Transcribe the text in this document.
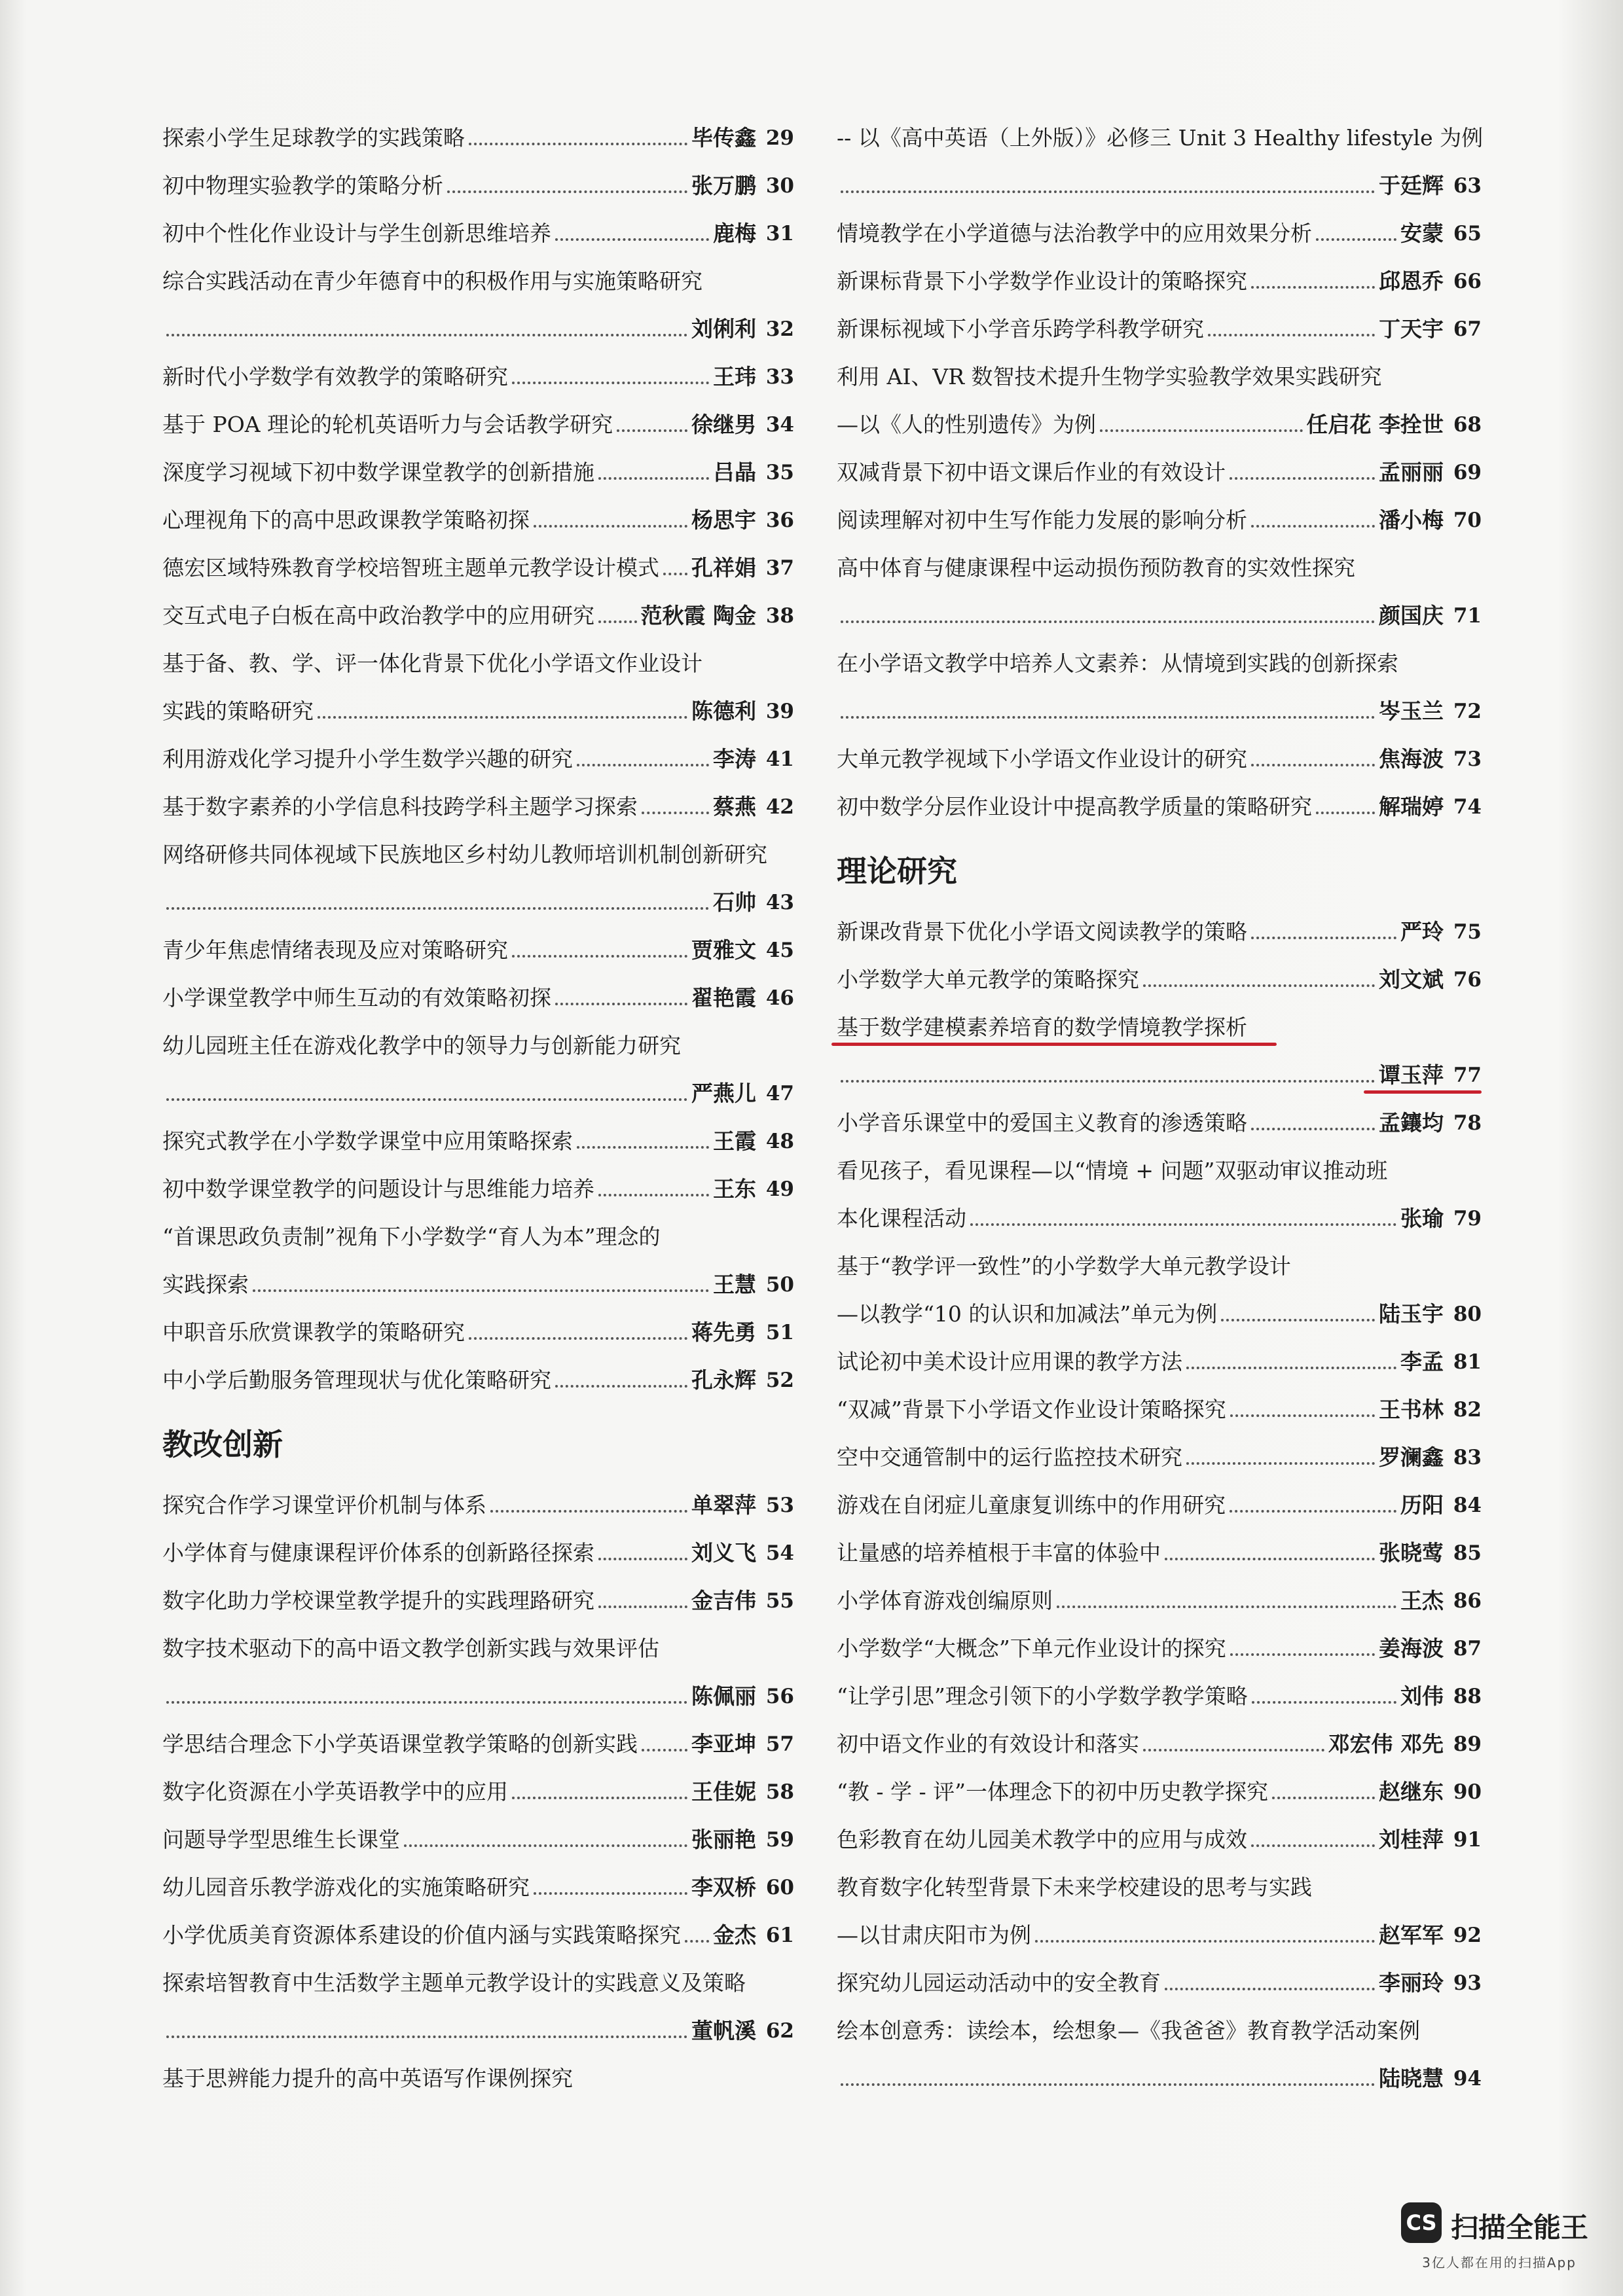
探索小学生足球教学的实践策略	毕传鑫 29
初中物理实验教学的策略分析	张万鹏 30
初中个性化作业设计与学生创新思维培养	鹿梅 31
综合实践活动在青少年德育中的积极作用与实施策略研究
刘俐利 32
新时代小学数学有效教学的策略研究	王玮 33
基于 POA 理论的轮机英语听力与会话教学研究	徐继男 34
深度学习视域下初中数学课堂教学的创新措施	吕晶 35
心理视角下的高中思政课教学策略初探	杨思宇 36
德宏区域特殊教育学校培智班主题单元教学设计模式 孔祥娟 37
交互式电子白板在高中政治教学中的应用研究 范秋霞 陶金 38
基于备、教、学、评一体化背景下优化小学语文作业设计
实践的策略研究	陈德利 39
利用游戏化学习提升小学生数学兴趣的研究	李涛 41
基于数字素养的小学信息科技跨学科主题学习探索	蔡燕 42
网络研修共同体视域下民族地区乡村幼儿教师培训机制创新研究
石帅 43
青少年焦虑情绪表现及应对策略研究	贾雅文 45
小学课堂教学中师生互动的有效策略初探	翟艳霞 46
幼儿园班主任在游戏化教学中的领导力与创新能力研究
严燕儿 47
探究式教学在小学数学课堂中应用策略探索	王霞 48
初中数学课堂教学的问题设计与思维能力培养	王东 49
“首课思政负责制”视角下小学数学“育人为本”理念的
实践探索	王慧 50
中职音乐欣赏课教学的策略研究	蒋先勇 51
中小学后勤服务管理现状与优化策略研究	孔永辉 52
教改创新
探究合作学习课堂评价机制与体系	单翠萍 53
小学体育与健康课程评价体系的创新路径探索	刘义飞 54
数字化助力学校课堂教学提升的实践理路研究	金吉伟 55
数字技术驱动下的高中语文教学创新实践与效果评估
陈佩丽 56
学思结合理念下小学英语课堂教学策略的创新实践 李亚坤 57
数字化资源在小学英语教学中的应用	王佳妮 58
问题导学型思维生长课堂	张丽艳 59
幼儿园音乐教学游戏化的实施策略研究	李双桥 60
小学优质美育资源体系建设的价值内涵与实践策略探究 金杰 61
探索培智教育中生活数学主题单元教学设计的实践意义及策略
董帆溪 62
基于思辨能力提升的高中英语写作课例探究
-- 以《高中英语（上外版）》必修三 Unit 3 Healthy lifestyle 为例
于廷辉 63
情境教学在小学道德与法治教学中的应用效果分析	安蒙 65
新课标背景下小学数学作业设计的策略探究	邱恩乔 66
新课标视域下小学音乐跨学科教学研究	丁天宇 67
利用 AI、VR 数智技术提升生物学实验教学效果实践研究
—以《人的性别遗传》为例	任启花 李拴世 68
双减背景下初中语文课后作业的有效设计	孟丽丽 69
阅读理解对初中生写作能力发展的影响分析	潘小梅 70
高中体育与健康课程中运动损伤预防教育的实效性探究
颜国庆 71
在小学语文教学中培养人文素养：从情境到实践的创新探索
岑玉兰 72
大单元教学视域下小学语文作业设计的研究	焦海波 73
初中数学分层作业设计中提高教学质量的策略研究	解瑞婷 74
理论研究
新课改背景下优化小学语文阅读教学的策略	严玲 75
小学数学大单元教学的策略探究	刘文斌 76
基于数学建模素养培育的数学情境教学探析
谭玉萍 77
小学音乐课堂中的爱国主义教育的渗透策略	孟鑲均 78
看见孩子，看见课程—以“情境 + 问题”双驱动审议推动班
本化课程活动	张瑜 79
基于“教学评一致性”的小学数学大单元教学设计
—以教学“10 的认识和加减法”单元为例	陆玉宇 80
试论初中美术设计应用课的教学方法	李孟 81
“双减”背景下小学语文作业设计策略探究	王书林 82
空中交通管制中的运行监控技术研究	罗澜鑫 83
游戏在自闭症儿童康复训练中的作用研究	历阳 84
让量感的培养植根于丰富的体验中	张晓莺 85
小学体育游戏创编原则	王杰 86
小学数学“大概念”下单元作业设计的探究	姜海波 87
“让学引思”理念引领下的小学数学教学策略	刘伟 88
初中语文作业的有效设计和落实	邓宏伟 邓先 89
“教 - 学 - 评”一体理念下的初中历史教学探究	赵继东 90
色彩教育在幼儿园美术教学中的应用与成效	刘桂萍 91
教育数字化转型背景下未来学校建设的思考与实践
—以甘肃庆阳市为例	赵军军 92
探究幼儿园运动活动中的安全教育	李丽玲 93
绘本创意秀：读绘本，绘想象—《我爸爸》教育教学活动案例
陆晓慧 94
CS 扫描全能王
3亿人都在用的扫描App
